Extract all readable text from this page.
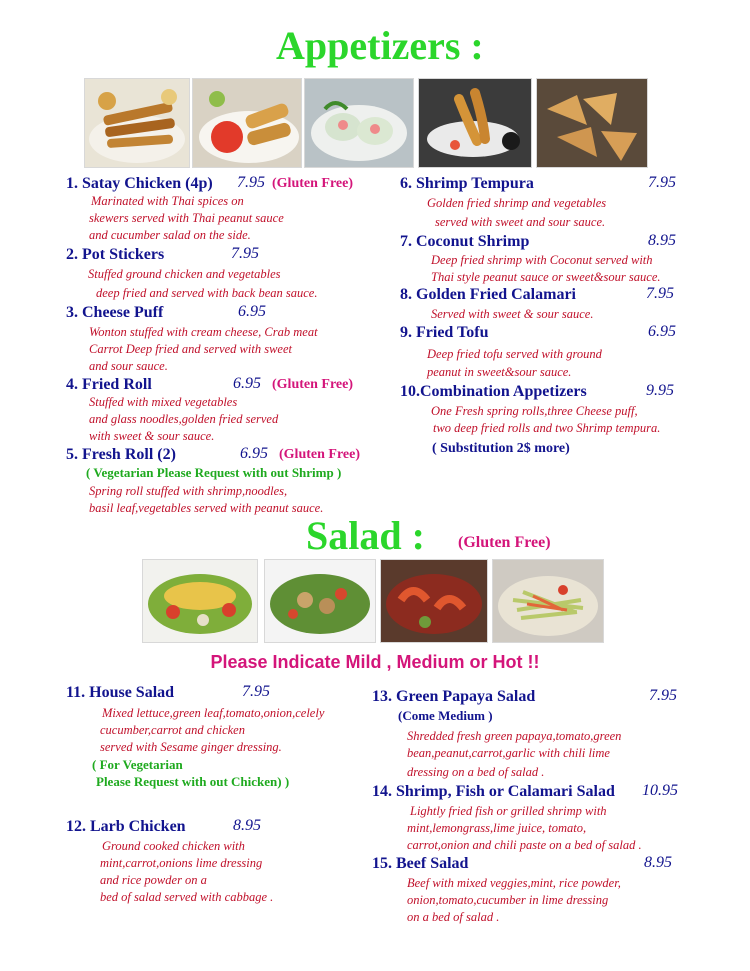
Appetizers :
1. Satay Chicken (4p) 7.95 (Gluten Free)
Marinated with Thai spices on
skewers served with Thai peanut sauce
and cucumber salad on the side.
2. Pot Stickers	7.95
Stuffed ground chicken and vegetables
deep fried and served with back bean sauce.
3. Cheese Puff	6.95
Wonton stuffed with cream cheese, Crab meat
Carrot Deep fried and served with sweet
and sour sauce.
4. Fried Roll	6.95 (Gluten Free)
Stuffed with mixed vegetables
and glass noodles,golden fried served
with sweet & sour sauce.
5. Fresh Roll (2)	6.95 (Gluten Free)
( Vegetarian Please Request with out Shrimp )
Spring roll stuffed with shrimp,noodles,
basil leaf,vegetables served with peanut sauce.
6. Shrimp Tempura	7.95
Golden fried shrimp and vegetables
served with sweet and sour sauce.
7. Coconut Shrimp	8.95
Deep fried shrimp with Coconut served with
Thai style peanut sauce or sweet&sour sauce.
8. Golden Fried Calamari	7.95
Served with sweet & sour sauce.
9. Fried Tofu	6.95
Deep fried tofu served with ground
peanut in sweet&sour sauce.
10.Combination Appetizers	9.95
One Fresh spring rolls,three Cheese puff,
two deep fried rolls and two Shrimp tempura.
( Substitution 2$ more)
Salad : (Gluten Free)
Please Indicate Mild , Medium or Hot !!
11. House Salad	7.95
Mixed lettuce,green leaf,tomato,onion,celely
cucumber,carrot and chicken
served with Sesame ginger dressing.
( For Vegetarian
Please Request with out Chicken) )
12. Larb Chicken	8.95
Ground cooked chicken with
mint,carrot,onions lime dressing
and rice powder on a
bed of salad served with cabbage .
13. Green Papaya Salad	7.95
(Come Medium )
Shredded fresh green papaya,tomato,green
bean,peanut,carrot,garlic with chili lime
dressing on a bed of salad .
14. Shrimp, Fish or Calamari Salad 10.95
Lightly fried fish or grilled shrimp with
mint,lemongrass,lime juice, tomato,
carrot,onion and chili paste on a bed of salad .
15. Beef Salad	8.95
Beef with mixed veggies,mint, rice powder,
onion,tomato,cucumber in lime dressing
on a bed of salad .
